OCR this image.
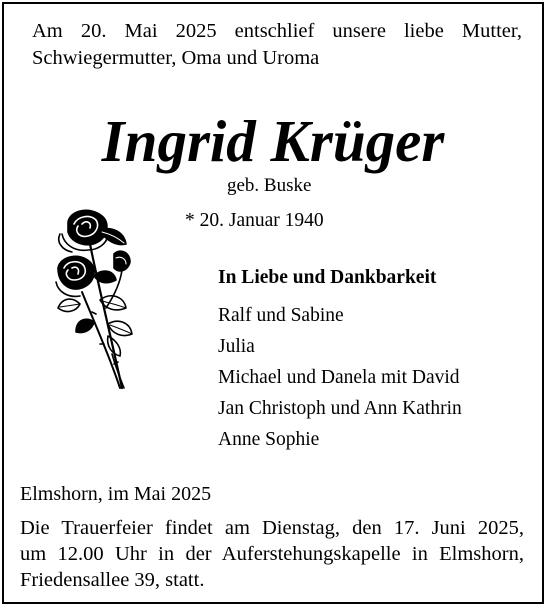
Am 20. Mai 2025 entschlief unsere liebe Mutter,
Schwiegermutter, Oma und Uroma
Ingrid Krüger
geb. Buske
* 20. Januar 1940
In Liebe und Dankbarkeit
Ralf und Sabine
Julia
Michael und Danela mit David
Jan Christoph und Ann Kathrin
Anne Sophie
Elmshorn, im Mai 2025
Die Trauerfeier findet am Dienstag, den 17. Juni 2025,
um 12.00 Uhr in der Auferstehungskapelle in Elmshorn,
Friedensallee 39, statt.
